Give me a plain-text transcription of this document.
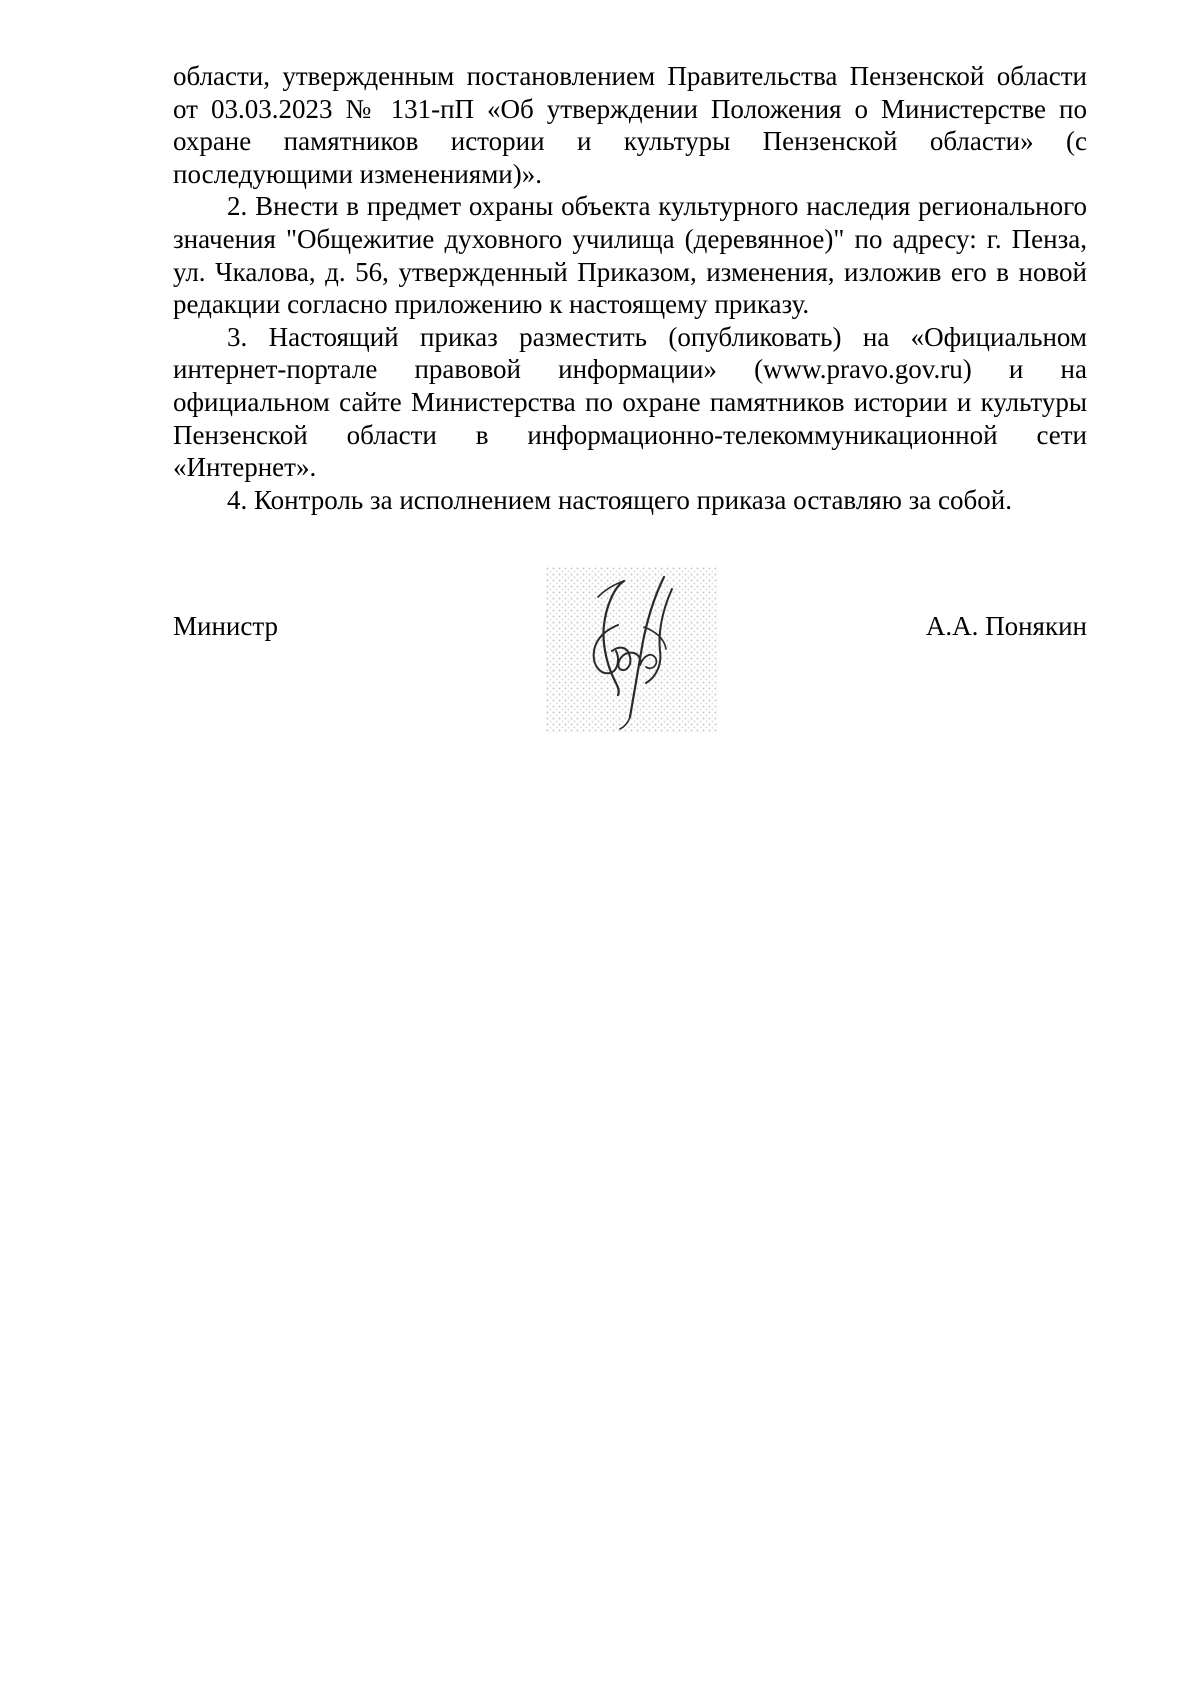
области, утвержденным постановлением Правительства Пензенской области от 03.03.2023 № 131-пП «Об утверждении Положения о Министерстве по охране памятников истории и культуры Пензенской области» (с последующими изменениями)».

2. Внести в предмет охраны объекта культурного наследия регионального значения "Общежитие духовного училища (деревянное)" по адресу: г. Пенза, ул. Чкалова, д. 56, утвержденный Приказом, изменения, изложив его в новой редакции согласно приложению к настоящему приказу.

3. Настоящий приказ разместить (опубликовать) на «Официальном интернет-портале правовой информации» (www.pravo.gov.ru) и на официальном сайте Министерства по охране памятников истории и культуры Пензенской области в информационно-телекоммуникационной сети «Интернет».

4. Контроль за исполнением настоящего приказа оставляю за собой.

Министр	А.А. Понякин
